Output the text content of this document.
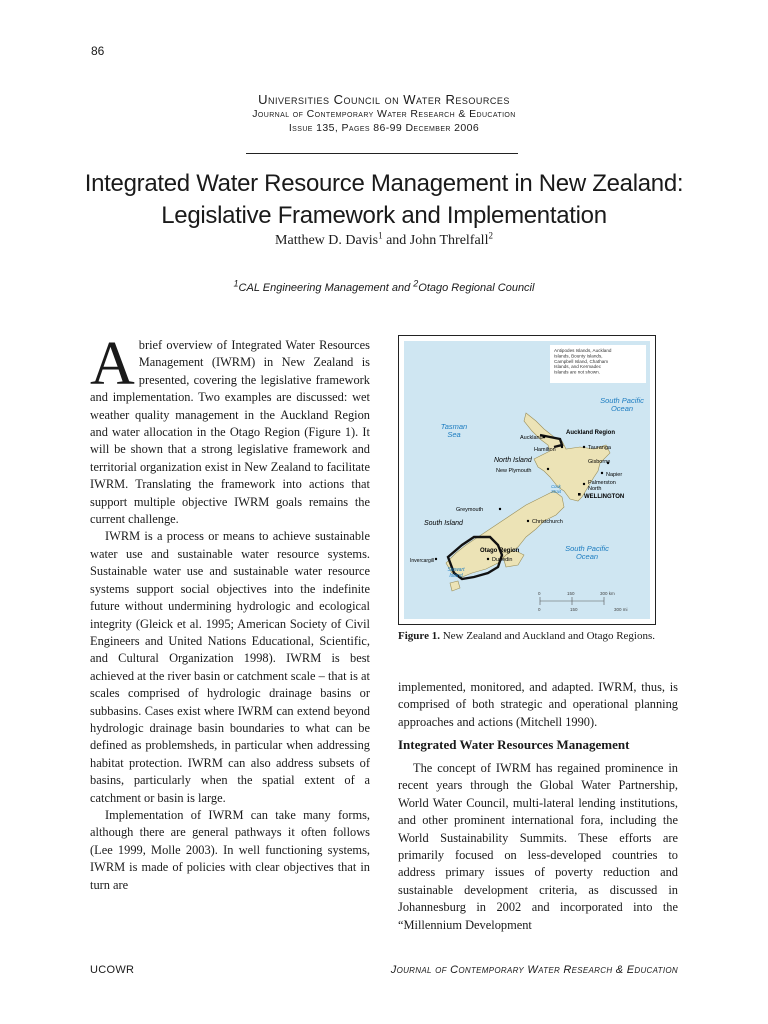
86
Universities Council on Water Resources
Journal of Contemporary Water Research & Education
Issue 135, Pages 86-99 December 2006
Integrated Water Resource Management in New Zealand:
Legislative Framework and Implementation
Matthew D. Davis$^1$ and John Threlfall$^2$
$^1$CAL Engineering Management and $^2$Otago Regional Council

Abrief overview of Integrated Water Resources Management (IWRM) in New Zealand is presented, covering the legislative framework and implementation. Two examples are discussed: wet weather quality management in the Auckland Region and water allocation in the Otago Region (Figure 1). It will be shown that a strong legislative framework and territorial organization exist in New Zealand to facilitate IWRM. Translating the framework into actions that support multiple objective IWRM goals remains the current challenge.

IWRM is a process or means to achieve sustainable water use and sustainable water resource systems. Sustainable water use and sustainable water resource systems support social objectives into the indefinite future without undermining hydrologic and ecological integrity (Gleick et al. 1995; American Society of Civil Engineers and United Nations Educational, Scientific, and Cultural Organization 1998). IWRM is best achieved at the river basin or catchment scale – that is at scales comprised of hydrologic drainage basins or subbasins. Cases exist where IWRM can extend beyond hydrologic drainage basin boundaries to what can be defined as problemsheds, in particular when addressing habitat protection. IWRM can also address subsets of basins, particularly when the spatial extent of a catchment or basin is large.

Implementation of IWRM can take many forms, although there are general pathways it often follows (Lee 1999, Molle 2003). In well functioning systems, IWRM is made of policies with clear objectives that in turn are

Antipodes Islands, Auckland Islands, Bounty Islands, Campbell Island, Chatham Islands, and Kermadec Islands are not shown.
South Pacific Ocean
Tasman Sea	Auckland
Auckland Region
Hamilton	Tauranga
North Island	Gisborne
New Plymouth
Napier
Cook Strait
Palmerston North
WELLINGTON
Greymouth
South Island	Christchurch
Otago Region
Invercargill	Dunedin
South Pacific Ocean
Stewart Island
0	150	300 km
0	150	300 mi
Figure 1. New Zealand and Auckland and Otago Regions.

implemented, monitored, and adapted. IWRM, thus, is comprised of both strategic and operational planning approaches and actions (Mitchell 1990).

Integrated Water Resources Management

The concept of IWRM has regained prominence in recent years through the Global Water Partnership, World Water Council, multi-lateral lending institutions, and other prominent international fora, including the World Sustainability Summits. These efforts are primarily focused on less-developed countries to address primary issues of poverty reduction and sustainable development criteria, as discussed in Johannesburg in 2002 and incorporated into the “Millennium Development

UCOWR	Journal of Contemporary Water Research & Education
